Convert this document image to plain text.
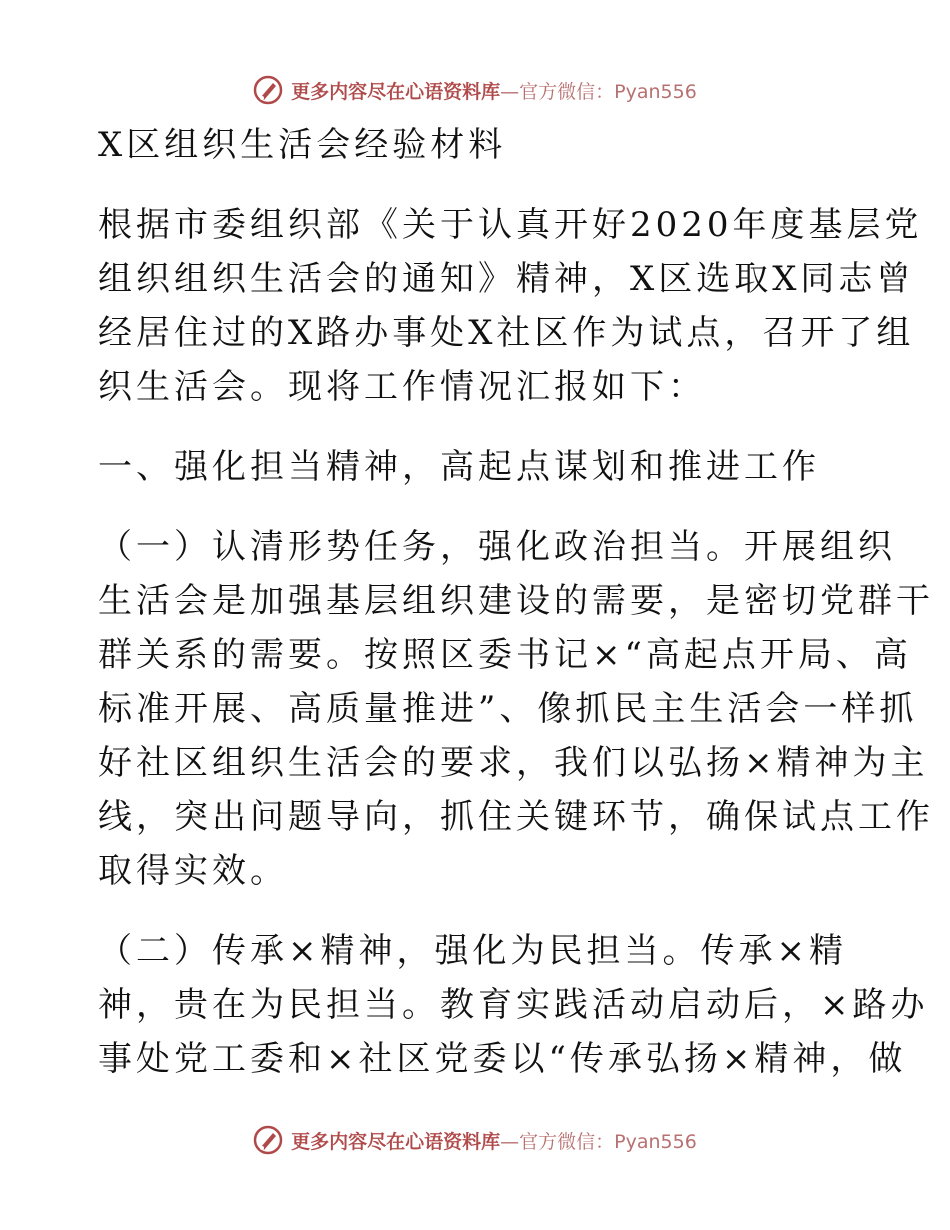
更多内容尽在心语资料库 —官方微信：Pyan556
X区组织生活会经验材料
根据市委组织部《关于认真开好2020年度基层党
组织组织生活会的通知》精神，X区选取X同志曾
经居住过的X路办事处X社区作为试点，召开了组
织生活会。现将工作情况汇报如下：
一、强化担当精神，高起点谋划和推进工作
（一）认清形势任务，强化政治担当。开展组织
生活会是加强基层组织建设的需要，是密切党群干
群关系的需要。按照区委书记×“高起点开局、高
标准开展、高质量推进”、像抓民主生活会一样抓
好社区组织生活会的要求，我们以弘扬×精神为主
线，突出问题导向，抓住关键环节，确保试点工作
取得实效。
（二）传承×精神，强化为民担当。传承×精
神，贵在为民担当。教育实践活动启动后，×路办
事处党工委和×社区党委以“传承弘扬×精神，做
更多内容尽在心语资料库 —官方微信：Pyan556
